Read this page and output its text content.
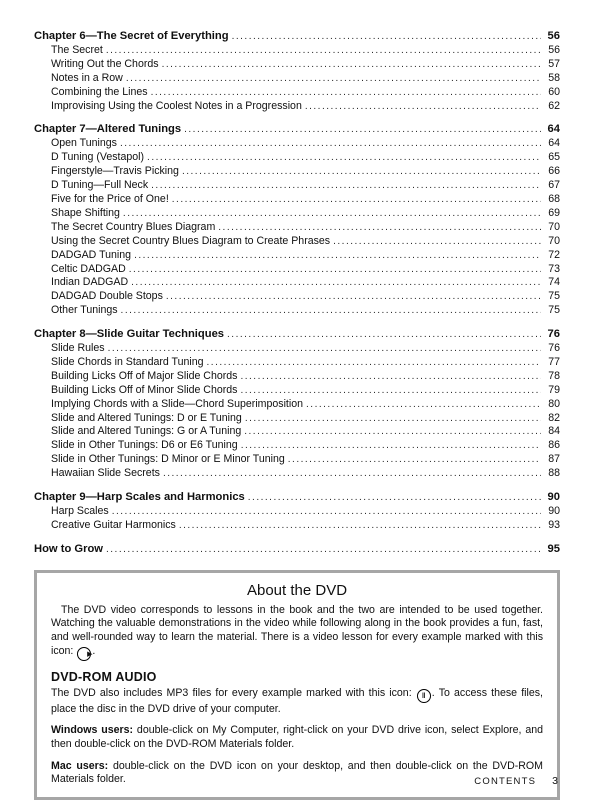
Chapter 6—The Secret of Everything .....	56
The Secret .....	56
Writing Out the Chords .....	57
Notes in a Row .....	58
Combining the Lines .....	60
Improvising Using the Coolest Notes in a Progression .....	62
Chapter 7—Altered Tunings .....	64
Open Tunings .....	64
D Tuning (Vestapol) .....	65
Fingerstyle—Travis Picking .....	66
D Tuning—Full Neck .....	67
Five for the Price of One! .....	68
Shape Shifting .....	69
The Secret Country Blues Diagram .....	70
Using the Secret Country Blues Diagram to Create Phrases .....	70
DADGAD Tuning .....	72
Celtic DADGAD .....	73
Indian DADGAD .....	74
DADGAD Double Stops .....	75
Other Tunings .....	75
Chapter 8—Slide Guitar Techniques .....	76
Slide Rules .....	76
Slide Chords in Standard Tuning .....	77
Building Licks Off of Major Slide Chords .....	78
Building Licks Off of Minor Slide Chords .....	79
Implying Chords with a Slide—Chord Superimposition .....	80
Slide and Altered Tunings: D or E Tuning .....	82
Slide and Altered Tunings: G or A Tuning .....	84
Slide in Other Tunings: D6 or E6 Tuning .....	86
Slide in Other Tunings: D Minor or E Minor Tuning .....	87
Hawaiian Slide Secrets .....	88
Chapter 9—Harp Scales and Harmonics .....	90
Harp Scales .....	90
Creative Guitar Harmonics .....	93
How to Grow .....	95
About the DVD

The DVD video corresponds to lessons in the book and the two are intended to be used together. Watching the valuable demonstrations in the video while following along in the book provides a fun, fast, and well-rounded way to learn the material. There is a video lesson for every example marked with this icon:	▶ .

DVD-ROM AUDIO

The DVD also includes MP3 files for every example marked with this icon: ‖ . To access these files, place the disc in the DVD drive of your computer.

Windows users: double-click on My Computer, right-click on your DVD drive icon, select Explore, and then double-click on the DVD-ROM Materials folder.

Mac users: double-click on the DVD icon on your desktop, and then double-click on the DVD-ROM Materials folder.	CONTENTS 3
